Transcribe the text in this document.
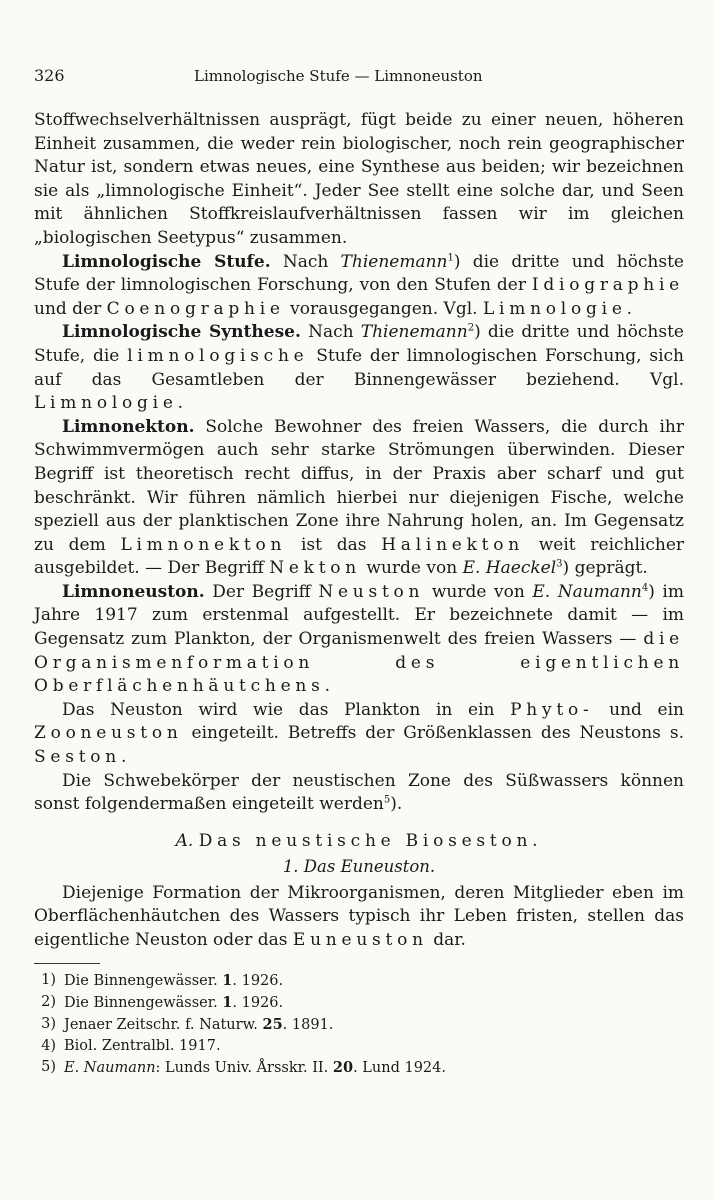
326	Limnologische Stufe — Limnoneuston

Stoffwechselverhältnissen ausprägt, fügt beide zu einer neuen, höheren Einheit zusammen, die weder rein biologischer, noch rein geographischer Natur ist, sondern etwas neues, eine Synthese aus beiden; wir bezeichnen sie als „limnologische Einheit“. Jeder See stellt eine solche dar, und Seen mit ähnlichen Stoffkreislaufverhältnissen fassen wir im gleichen „biologischen Seetypus“ zusammen.

Limnologische Stufe. Nach Thienemann$^1$) die dritte und höchste Stufe der limnologischen Forschung, von den Stufen der Idiographie und der Coenographie vorausgegangen. Vgl. Limnologie.

Limnologische Synthese. Nach Thienemann$^2$) die dritte und höchste Stufe, die limnologische Stufe der limnologischen Forschung, sich auf das Gesamtleben der Binnengewässer beziehend. Vgl. Limnologie.

Limnonekton. Solche Bewohner des freien Wassers, die durch ihr Schwimmvermögen auch sehr starke Strömungen überwinden. Dieser Begriff ist theoretisch recht diffus, in der Praxis aber scharf und gut beschränkt. Wir führen nämlich hierbei nur diejenigen Fische, welche speziell aus der planktischen Zone ihre Nahrung holen, an. Im Gegensatz zu dem Limnonekton ist das Halinekton weit reichlicher ausgebildet. — Der Begriff Nekton wurde von E. Haeckel$^3$) geprägt.

Limnoneuston. Der Begriff Neuston wurde von E. Naumann$^4$) im Jahre 1917 zum erstenmal aufgestellt. Er bezeichnete damit — im Gegensatz zum Plankton, der Organismenwelt des freien Wassers — die Organismenformation des eigentlichen Oberflächenhäutchens.

Das Neuston wird wie das Plankton in ein Phyto- und ein Zooneuston eingeteilt. Betreffs der Größenklassen des Neustons s. Seston.

Die Schwebekörper der neustischen Zone des Süßwassers können sonst folgendermaßen eingeteilt werden$^5$).

A. Das neustische Bioseston.
1. Das Euneuston.

Diejenige Formation der Mikroorganismen, deren Mitglieder eben im Oberflächenhäutchen des Wassers typisch ihr Leben fristen, stellen das eigentliche Neuston oder das Euneuston dar.

1) Die Binnengewässer. 1. 1926.
2) Die Binnengewässer. 1. 1926.
3) Jenaer Zeitschr. f. Naturw. 25. 1891.
4) Biol. Zentralbl. 1917.
5) E. Naumann: Lunds Univ. Årsskr. II. 20. Lund 1924.
